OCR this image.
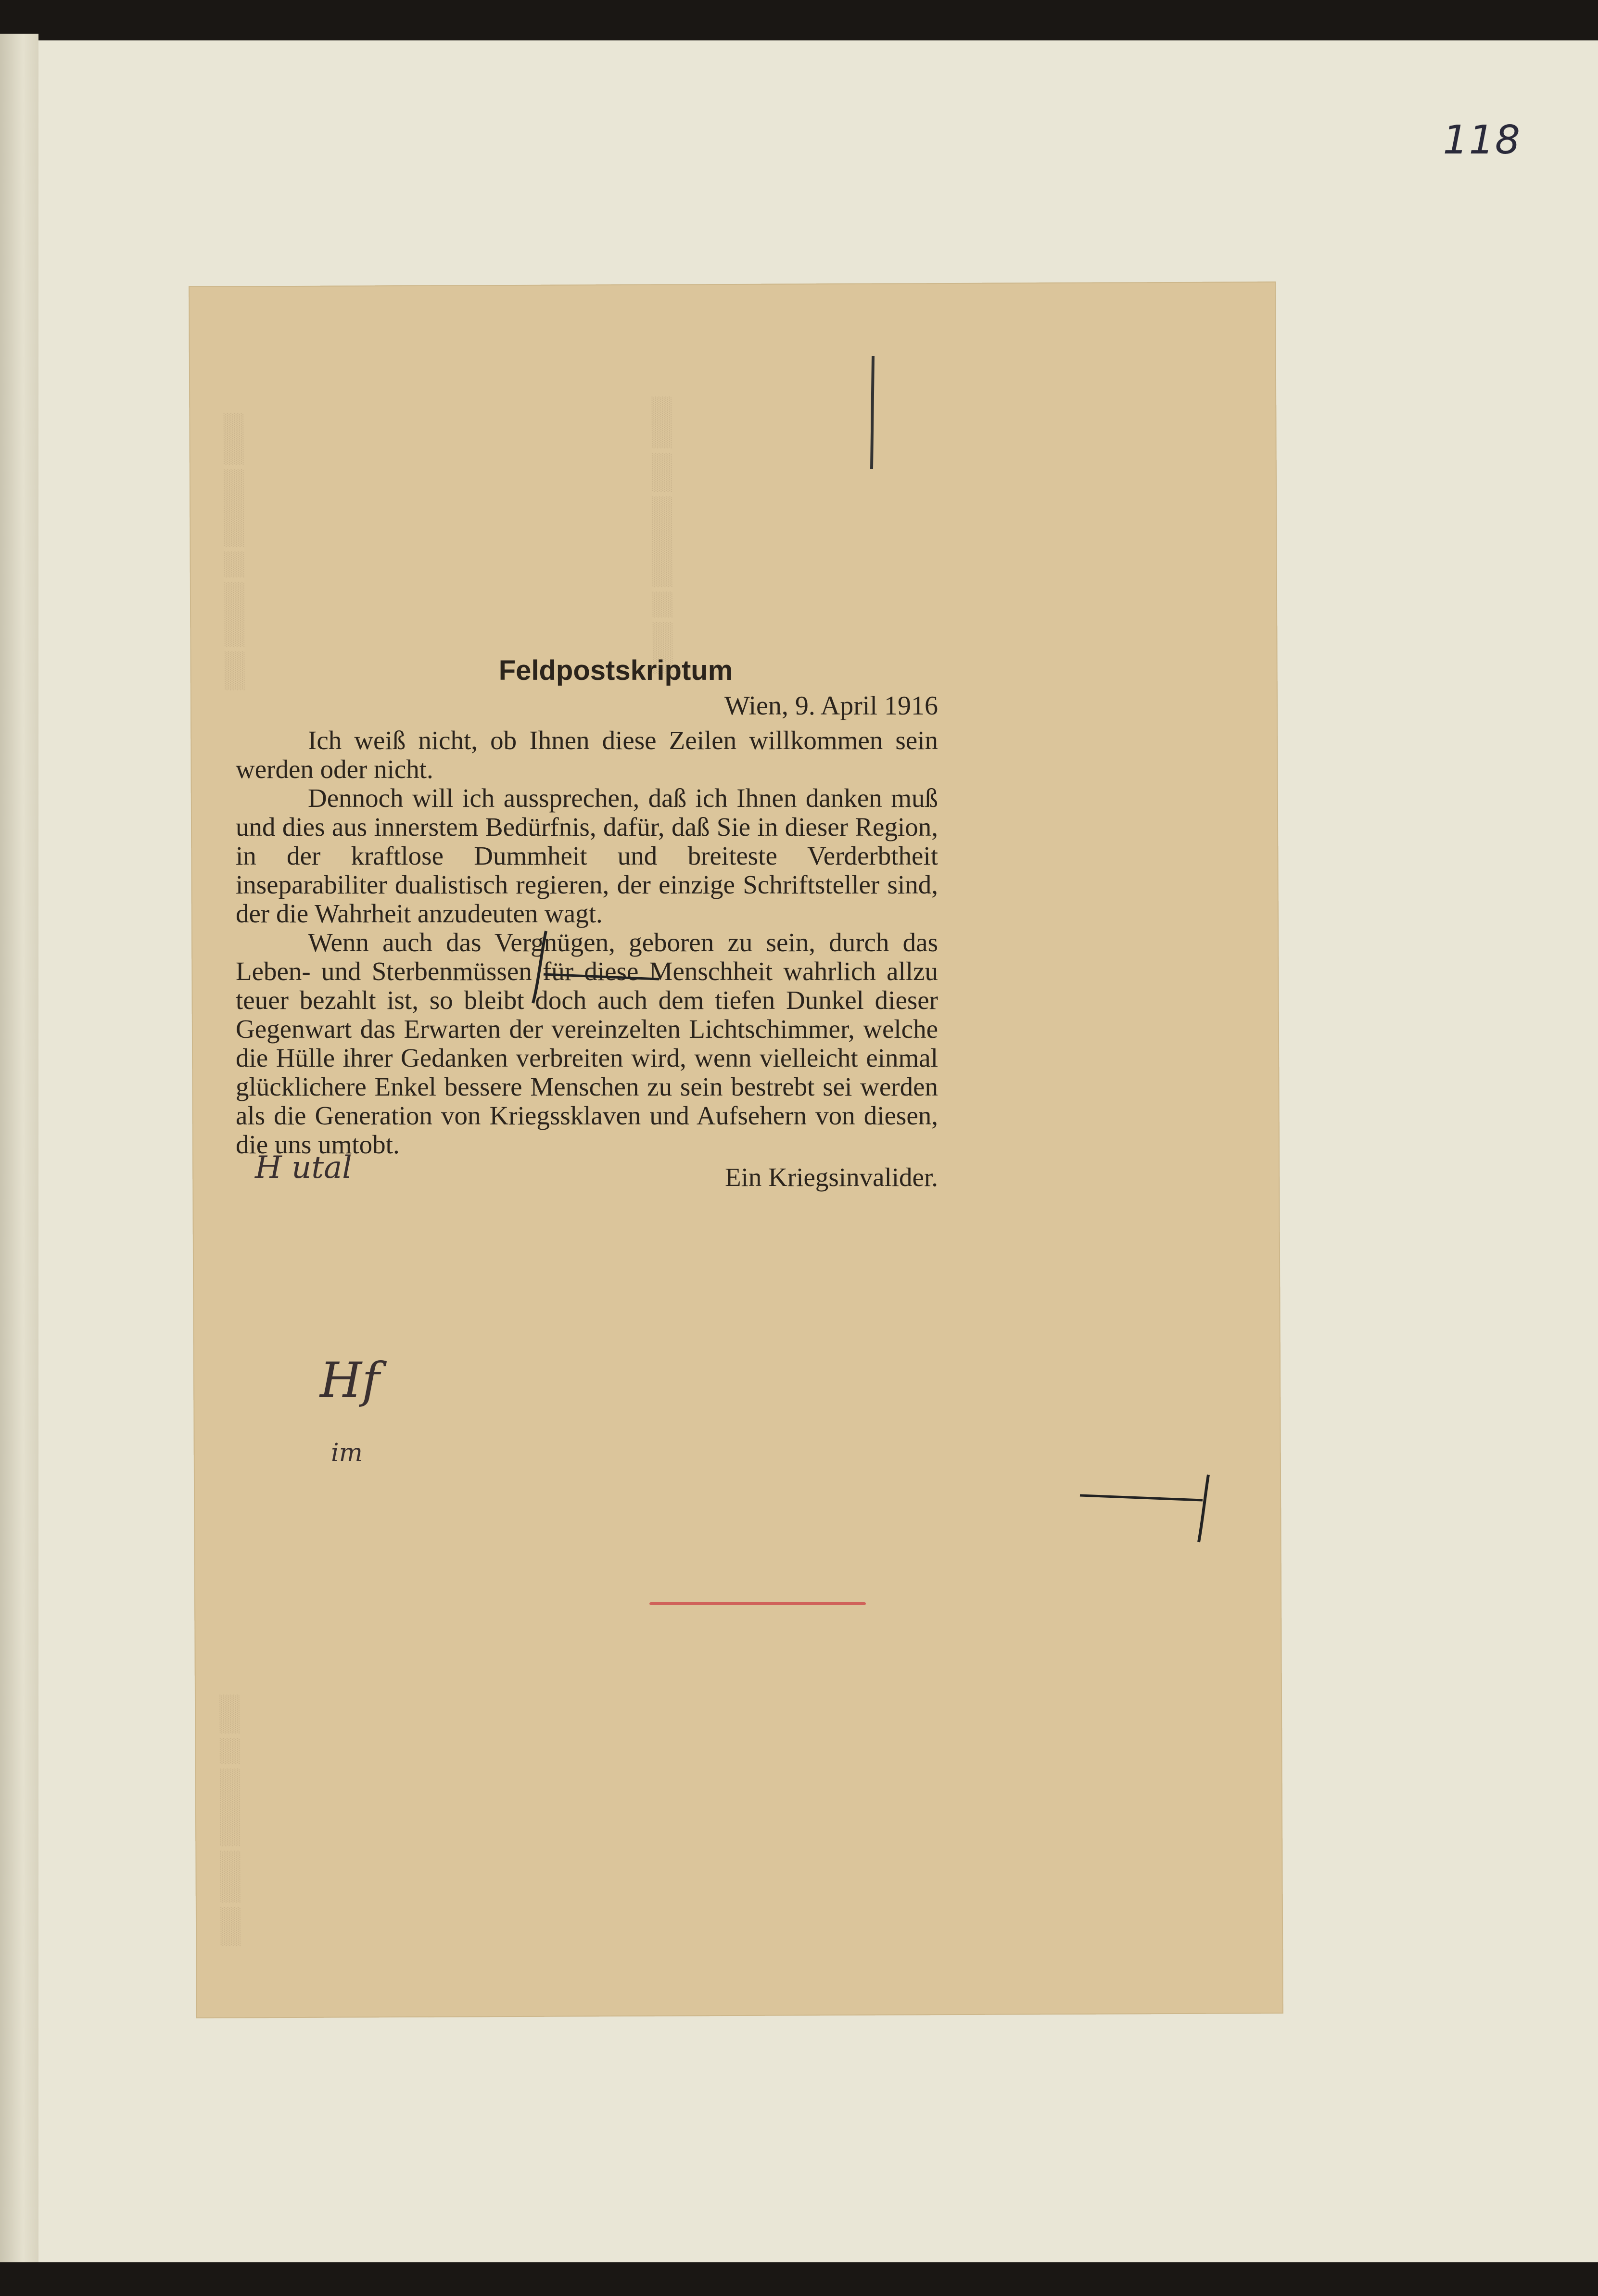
118
▒▒▒ ▒▒▒▒▒ ▒▒ ▒▒▒▒▒▒ ▒▒▒▒	▒▒▒▒ ▒▒ ▒▒▒▒▒▒▒ ▒▒▒ ▒▒▒▒
▒▒▒ ▒▒▒▒ ▒▒▒▒▒▒ ▒▒ ▒▒▒
Feldpostskriptum
Wien, 9. April 1916

Ich weiß nicht, ob Ihnen diese Zeilen willkommen sein werden oder nicht.

Dennoch will ich aussprechen, daß ich Ihnen danken muß und dies aus innerstem Bedürfnis, dafür, daß Sie in dieser Region, in der kraftlose Dummheit und breiteste Verderbtheit inseparabiliter dualistisch regieren, der einzige Schriftsteller sind, der die Wahrheit anzudeuten wagt.

Wenn auch das Vergnügen, geboren zu sein, durch das Leben- und Sterbenmüssen für diese Menschheit wahrlich allzu teuer bezahlt ist, so bleibt doch auch dem tiefen Dunkel dieser Gegenwart das Erwarten der vereinzelten Lichtschimmer, welche die Hülle ihrer Gedanken verbreiten wird, wenn vielleicht einmal glücklichere Enkel bessere Menschen zu sein bestrebt sei werden als die Generation von Kriegssklaven und Aufsehern von diesen, die uns umtobt.

Ein Kriegsinvalider.
H utal
Hf
im
